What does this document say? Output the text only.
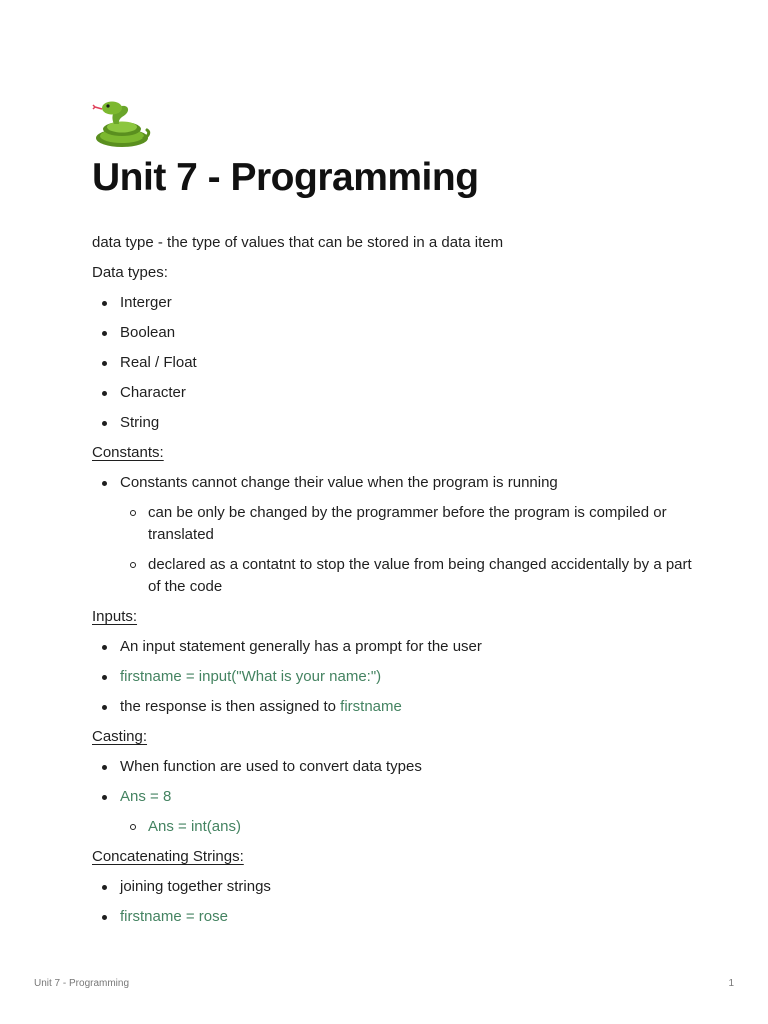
Unit 7 - Programming

data type - the type of values that can be stored in a data item

Data types:

Interger
Boolean
Real / Float
Character
String

Constants:

Constants cannot change their value when the program is running
can be only be changed by the programmer before the program is compiled or translated
declared as a contatnt to stop the value from being changed accidentally by a part of the code

Inputs:

An input statement generally has a prompt for the user
firstname = input("What is your name:")
the response is then assigned to firstname

Casting:

When function are used to convert data types
Ans = 8
Ans = int(ans)

Concatenating Strings:

joining together strings
firstname = rose
Unit 7 - Programming	1
